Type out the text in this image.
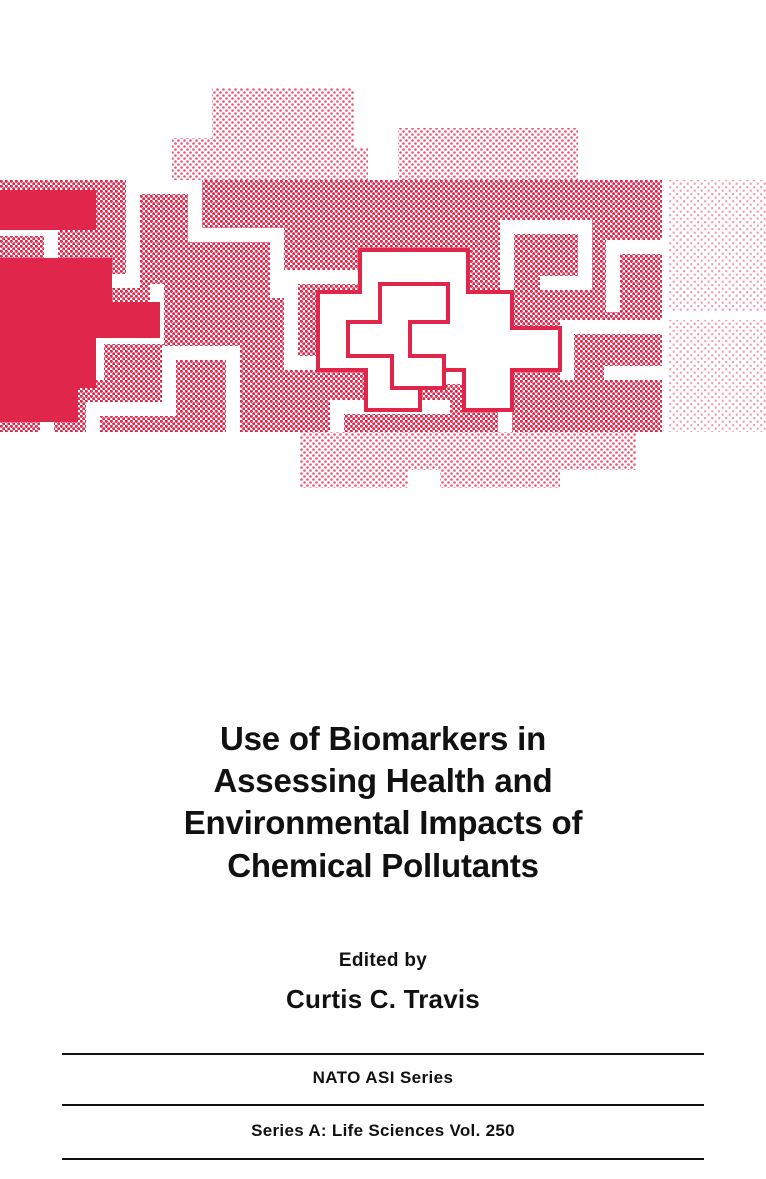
Use of Biomarkers in
Assessing Health and
Environmental Impacts of
Chemical Pollutants
Edited by
Curtis C. Travis
NATO ASI Series
Series A: Life Sciences Vol. 250
